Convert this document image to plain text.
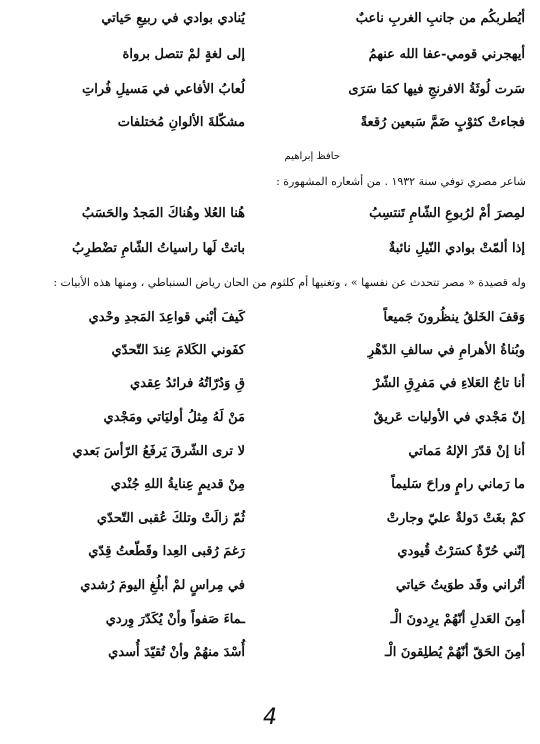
أيُطربكُم من جانبِ الغربِ ناعبٌ
يُنادي بوادي في ربيعِ حَياتي
أيهجرني قومي-عفا الله عنهمُ
إلى لغةٍ لمْ تتصل برواة
سَرت لُوثَةُ الافرنجِ فيها كمَا سَرَى
لُعابُ الأفاعي في مَسيلِ فُراتِ
فجاءتْ كثوْبٍ ضَمَّ سَبعين رُقعةً
مشكّلةَ الألوانِ مُختلفات
حافظ إبراهيم
شاعر مصري توفي سنة ١٩٣٢ . من أشعاره المشهورة :
لمِصرَ أمْ لرُبوعِ الشّامِ تَنتسِبُ
هُنا العُلا وهُناكَ المَجدُ والحَسَبُ
إذا ألمّتْ بوادي النّيلِ نائبةٌ
باتتْ لَها راسياتُ الشّامِ تضْطرِبُ
وله قصيدة « مصر تتحدث عن نفسها » ، وتغنيها أم كلثوم من الحان رياض السنباطي ، ومنها هذه الأبيات :
وَقفَ الخَلقُ ينظُرونَ جَميعاً
كَيفَ أبْني قواعِدَ المَجدِ وحْدي
وبُناةُ الأهرامِ في سالفِ الدّهْرِ
كفَوني الكَلامَ عِندَ التّحدّي
أنا تاجُ العَلاءِ في مَفرِقِ الشّرْ
قِ وَدُرّاتُهُ فرائدُ عِقدي
إنّ مَجْدي في الأوليات عَريقٌ
مَنْ لَهُ مِثلُ أوليَاتي ومَجْدي
أنا إنْ قدّرَ الإلهُ مَماتي
لا ترى الشّرقَ يَرفَعُ الرّأسَ بَعدي
ما رَماني رامٍ وراحَ سَليماً
مِنْ قديمٍ عِنايةُ اللهِ جُنْدي
كمْ بغَتْ دَولةٌ عليّ وجارتْ
ثُمّ زالَتْ وتلكَ عُقبى التّحدّي
إنّني حُرّةٌ كسَرْتُ قُيودي
رَغمَ رُقبى العِدا وقَطّعتُ قِدّي
أتُراني وقَد طوَيتُ حَياتي
في مِراسٍ لمْ أبلُغِ اليومَ رُشدي
أمِنَ العَدلِ أنّهُمْ يرِدونَ الْـ
ـماءَ صَفواً وأنْ يُكَدّرَ وِردي
أمِنَ الحَقّ أنّهُمْ يُطلِقونَ الْـ
أُسْدَ منهُمْ وأنْ تُقيّدَ أُسدي
4
